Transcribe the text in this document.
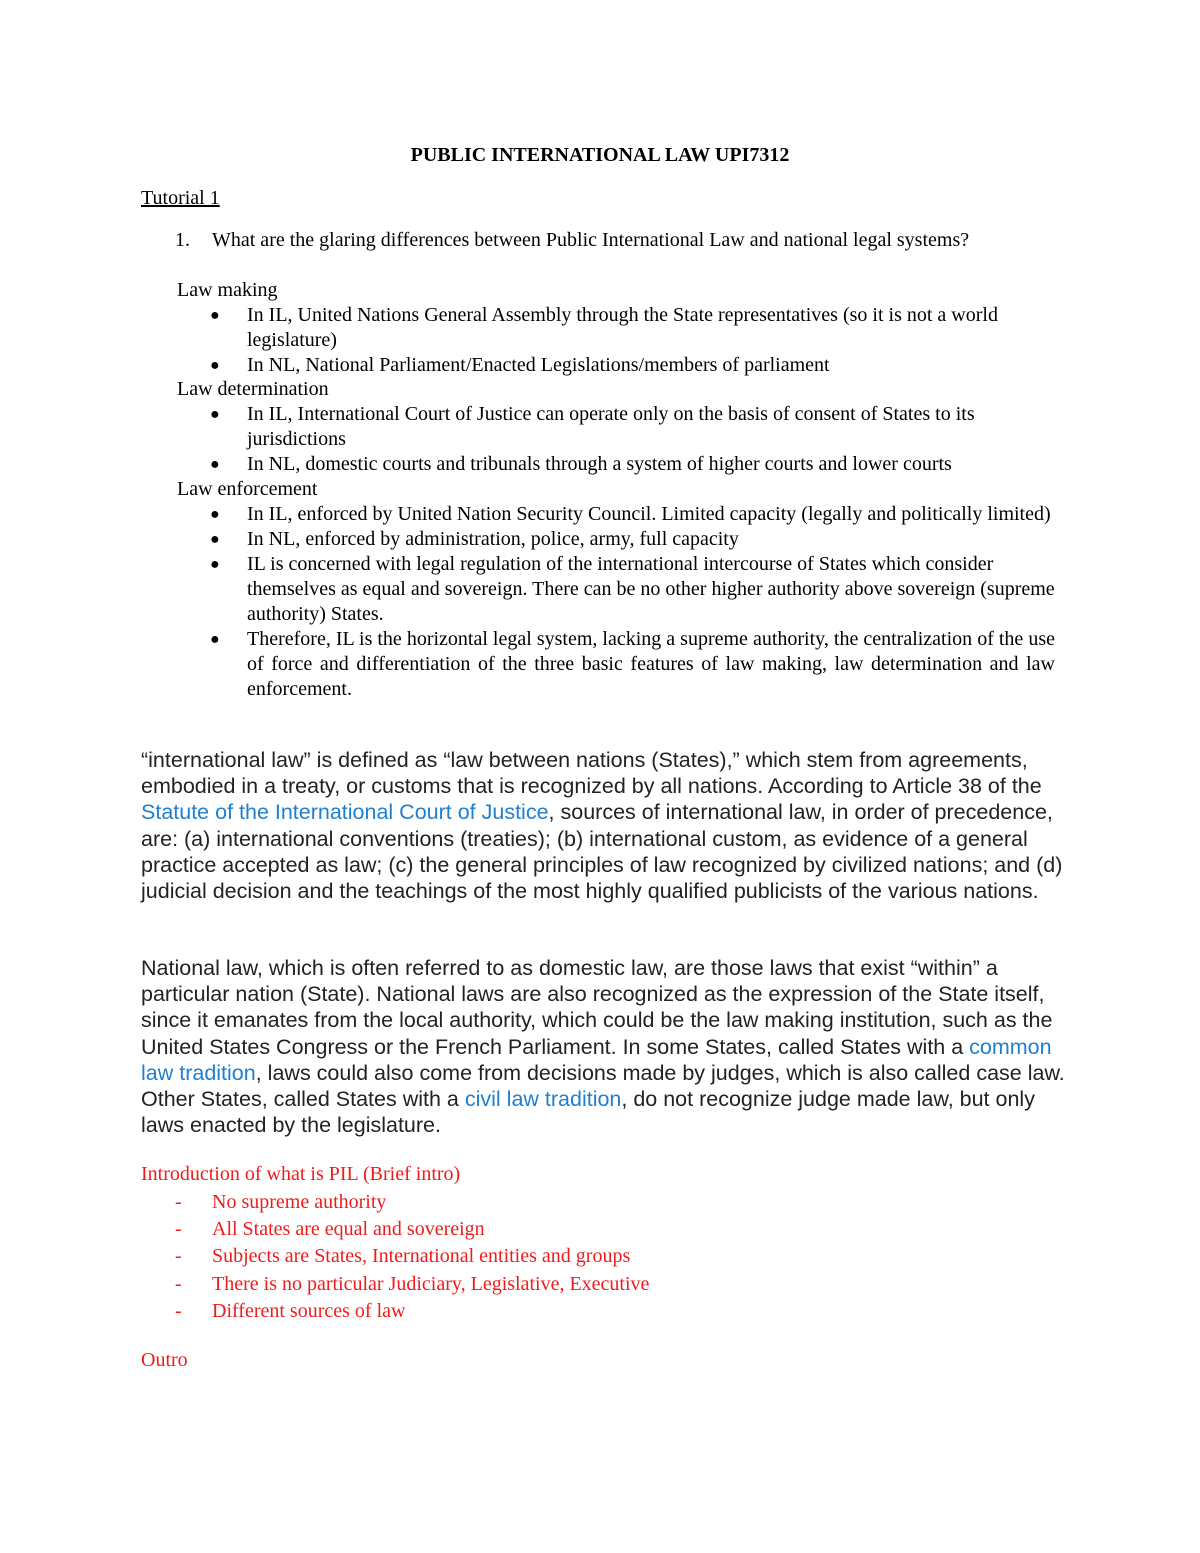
PUBLIC INTERNATIONAL LAW UPI7312
Tutorial 1
1. What are the glaring differences between Public International Law and national legal systems?
Law making
● In IL, United Nations General Assembly through the State representatives (so it is not a world legislature)
● In NL, National Parliament/Enacted Legislations/members of parliament
Law determination
● In IL, International Court of Justice can operate only on the basis of consent of States to its jurisdictions
● In NL, domestic courts and tribunals through a system of higher courts and lower courts
Law enforcement
● In IL, enforced by United Nation Security Council. Limited capacity (legally and politically limited)
● In NL, enforced by administration, police, army, full capacity
● IL is concerned with legal regulation of the international intercourse of States which consider themselves as equal and sovereign. There can be no other higher authority above sovereign (supreme authority) States.
● Therefore, IL is the horizontal legal system, lacking a supreme authority, the centralization of the use of force and differentiation of the three basic features of law making, law determination and law enforcement.

“international law” is defined as “law between nations (States),” which stem from agreements, embodied in a treaty, or customs that is recognized by all nations. According to Article 38 of the Statute of the International Court of Justice, sources of international law, in order of precedence, are: (a) international conventions (treaties); (b) international custom, as evidence of a general practice accepted as law; (c) the general principles of law recognized by civilized nations; and (d) judicial decision and the teachings of the most highly qualified publicists of the various nations.

National law, which is often referred to as domestic law, are those laws that exist “within” a particular nation (State). National laws are also recognized as the expression of the State itself, since it emanates from the local authority, which could be the law making institution, such as the United States Congress or the French Parliament. In some States, called States with a common law tradition, laws could also come from decisions made by judges, which is also called case law. Other States, called States with a civil law tradition, do not recognize judge made law, but only laws enacted by the legislature.

Introduction of what is PIL (Brief intro)
- No supreme authority
- All States are equal and sovereign
- Subjects are States, International entities and groups
- There is no particular Judiciary, Legislative, Executive
- Different sources of law
Outro
